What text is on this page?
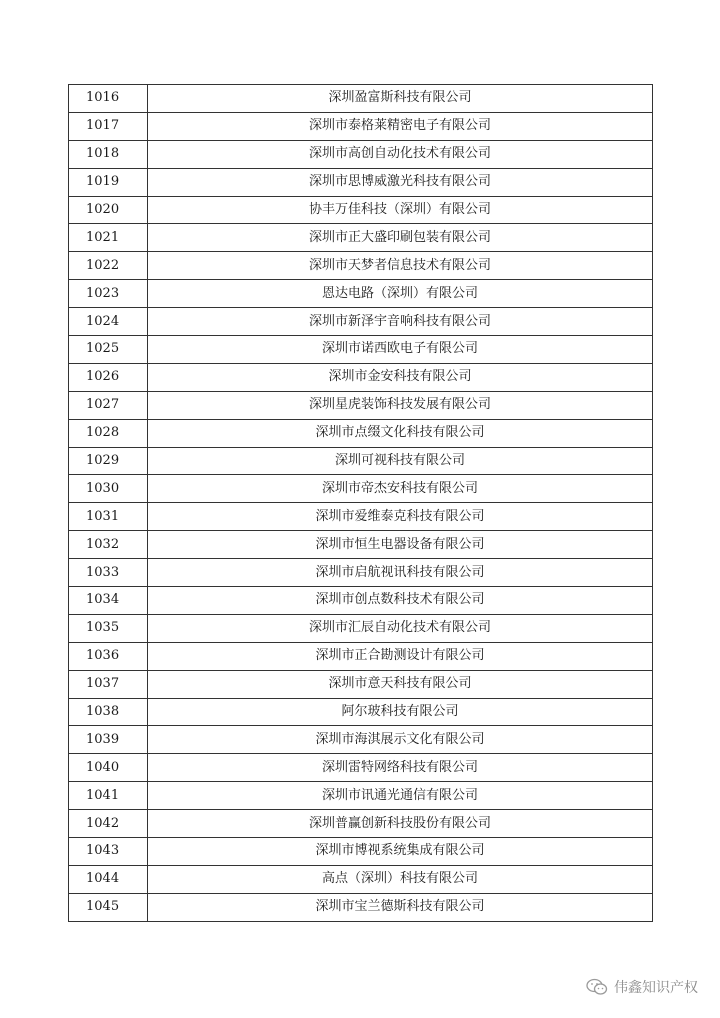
1016	深圳盈富斯科技有限公司
1017	深圳市泰格莱精密电子有限公司
1018	深圳市高创自动化技术有限公司
1019	深圳市思博威激光科技有限公司
1020	协丰万佳科技（深圳）有限公司
1021	深圳市正大盛印刷包装有限公司
1022	深圳市天梦者信息技术有限公司
1023	恩达电路（深圳）有限公司
1024	深圳市新泽宇音响科技有限公司
1025	深圳市诺西欧电子有限公司
1026	深圳市金安科技有限公司
1027	深圳星虎装饰科技发展有限公司
1028	深圳市点缀文化科技有限公司
1029	深圳可视科技有限公司
1030	深圳市帝杰安科技有限公司
1031	深圳市爱维泰克科技有限公司
1032	深圳市恒生电器设备有限公司
1033	深圳市启航视讯科技有限公司
1034	深圳市创点数科技术有限公司
1035	深圳市汇辰自动化技术有限公司
1036	深圳市正合勘测设计有限公司
1037	深圳市意天科技有限公司
1038	阿尔玻科技有限公司
1039	深圳市海淇展示文化有限公司
1040	深圳雷特网络科技有限公司
1041	深圳市讯通光通信有限公司
1042	深圳普赢创新科技股份有限公司
1043	深圳市博视系统集成有限公司
1044	高点（深圳）科技有限公司
1045	深圳市宝兰德斯科技有限公司
伟鑫知识产权
